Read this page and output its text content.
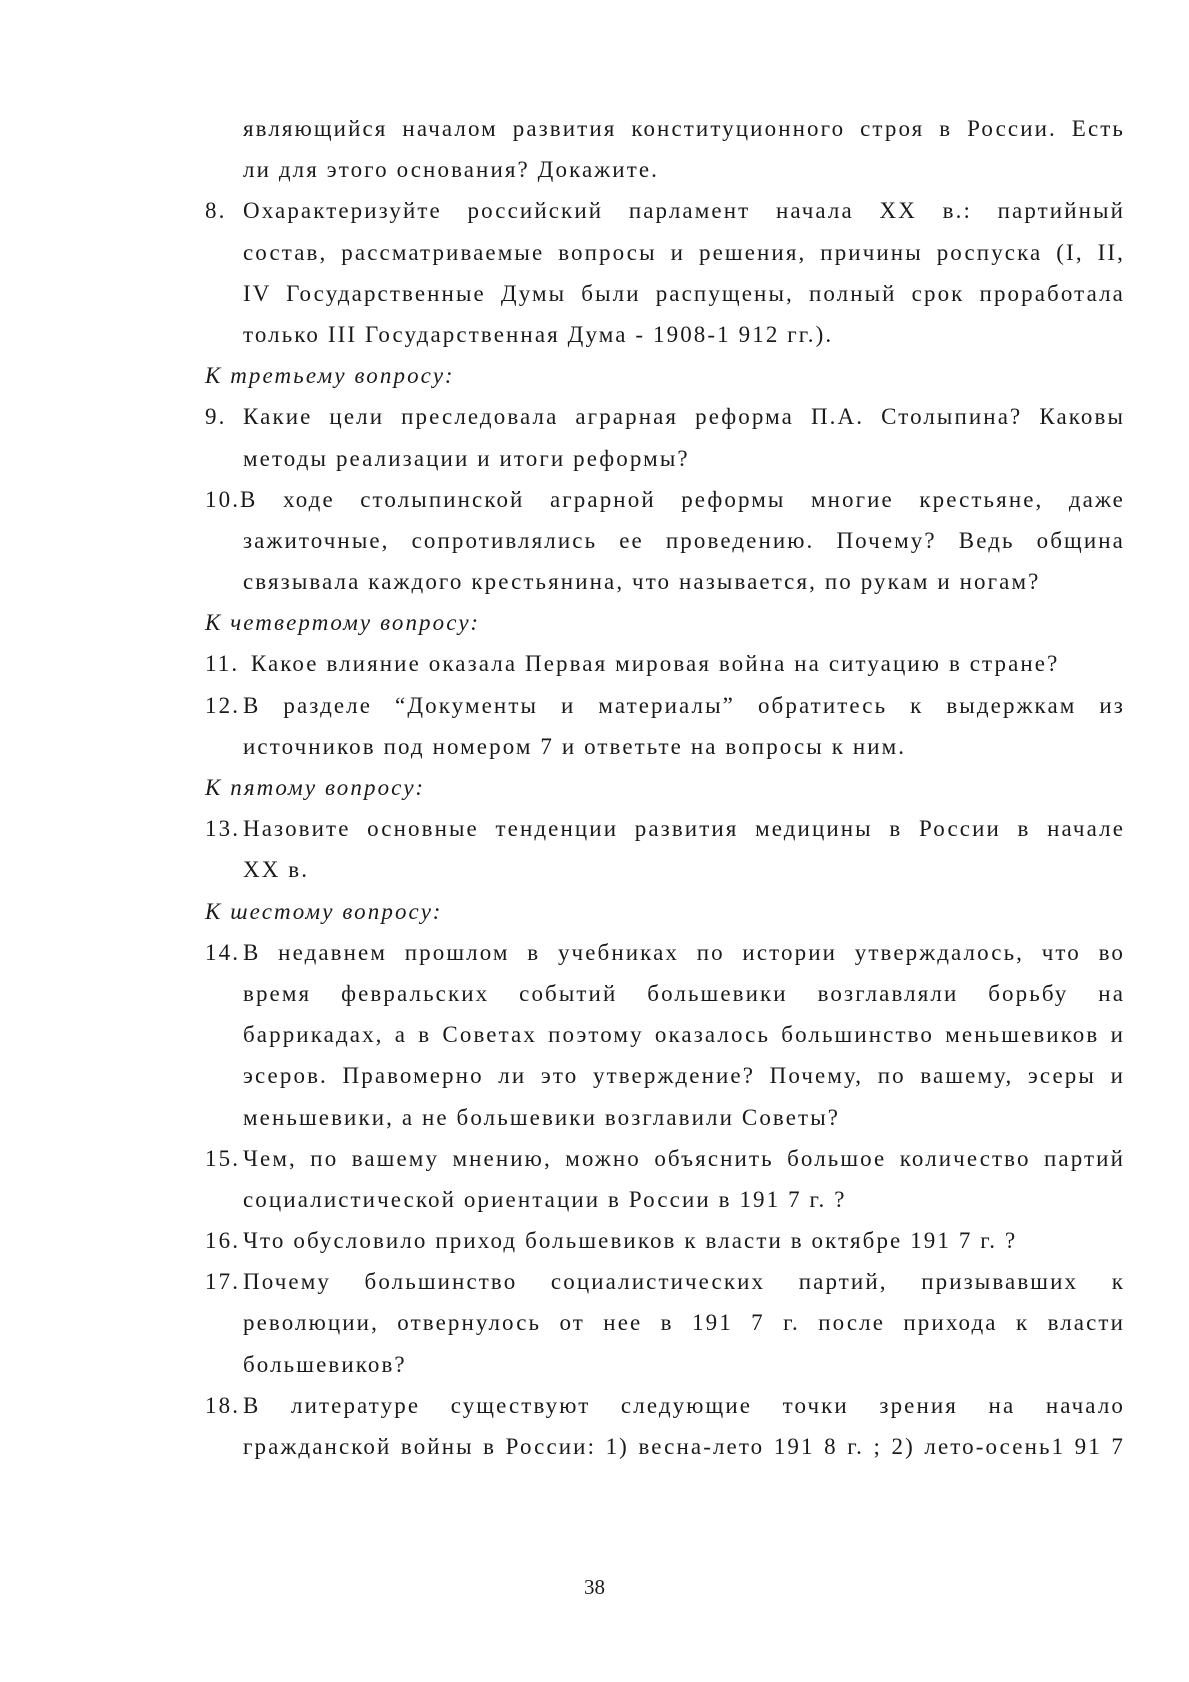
являющийся началом развития конституционного строя в России. Есть
ли для этого основания? Докажите.
8. Охарактеризуйте российский парламент начала XX в.: партийный
состав, рассматриваемые вопросы и решения, причины роспуска (I, II,
IV Государственные Думы были распущены, полный срок проработала
только III Государственная Дума - 1908-1 912 гг.).
К третьему вопросу:
9. Какие цели преследовала аграрная реформа П.А. Столыпина? Каковы
методы реализации и итоги реформы?
10.В ходе столыпинской аграрной реформы многие крестьяне, даже
зажиточные, сопротивлялись ее проведению. Почему? Ведь община
связывала каждого крестьянина, что называется, по рукам и ногам?
К четвертому вопросу:
11. Какое влияние оказала Первая мировая война на ситуацию в стране?
12. В разделе “Документы и материалы” обратитесь к выдержкам из
источников под номером 7 и ответьте на вопросы к ним.
К пятому вопросу:
13. Назовите основные тенденции развития медицины в России в начале
XX в.
К шестому вопросу:
14. В недавнем прошлом в учебниках по истории утверждалось, что во
время февральских событий большевики возглавляли борьбу на
баррикадах, а в Советах поэтому оказалось большинство меньшевиков и
эсеров. Правомерно ли это утверждение? Почему, по вашему, эсеры и
меньшевики, а не большевики возглавили Советы?
15. Чем, по вашему мнению, можно объяснить большое количество партий
социалистической ориентации в России в 191 7 г. ?
16. Что обусловило приход большевиков к власти в октябре 191 7 г. ?
17. Почему большинство социалистических партий, призывавших к
революции, отвернулось от нее в 191 7 г. после прихода к власти
большевиков?
18. В литературе существуют следующие точки зрения на начало
гражданской войны в России: 1) весна-лето 191 8 г. ; 2) лето-осень1 91 7
38
